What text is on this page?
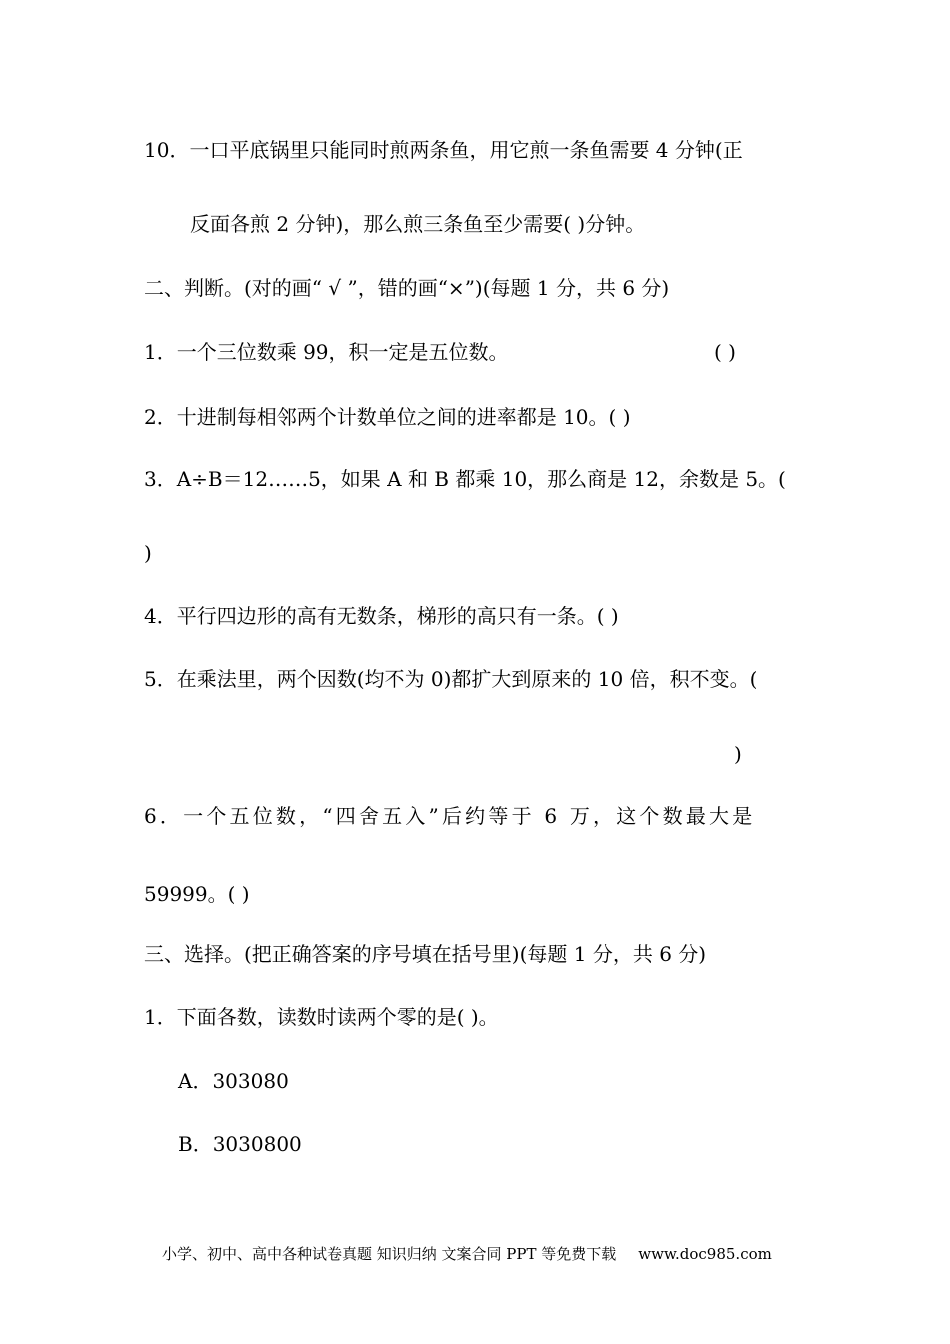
10．一口平底锅里只能同时煎两条鱼，用它煎一条鱼需要 4 分钟(正
反面各煎 2 分钟)，那么煎三条鱼至少需要( )分钟。
二、判断。(对的画“ √ ”，错的画“×”)(每题 1 分，共 6 分)
1．一个三位数乘 99，积一定是五位数。	( )
2．十进制每相邻两个计数单位之间的进率都是 10。( )
3．A÷B＝12……5，如果 A 和 B 都乘 10，那么商是 12，余数是 5。(
)
4．平行四边形的高有无数条，梯形的高只有一条。( )
5．在乘法里，两个因数(均不为 0)都扩大到原来的 10 倍，积不变。(
)
6．一个五位数，“四舍五入”后约等于 6 万，这个数最大是
59999。( )
三、选择。(把正确答案的序号填在括号里)(每题 1 分，共 6 分)
1．下面各数，读数时读两个零的是( )。
A．303080
B．3030800
小学、初中、高中各种试卷真题 知识归纳 文案合同 PPT 等免费下载 www.doc985.com
